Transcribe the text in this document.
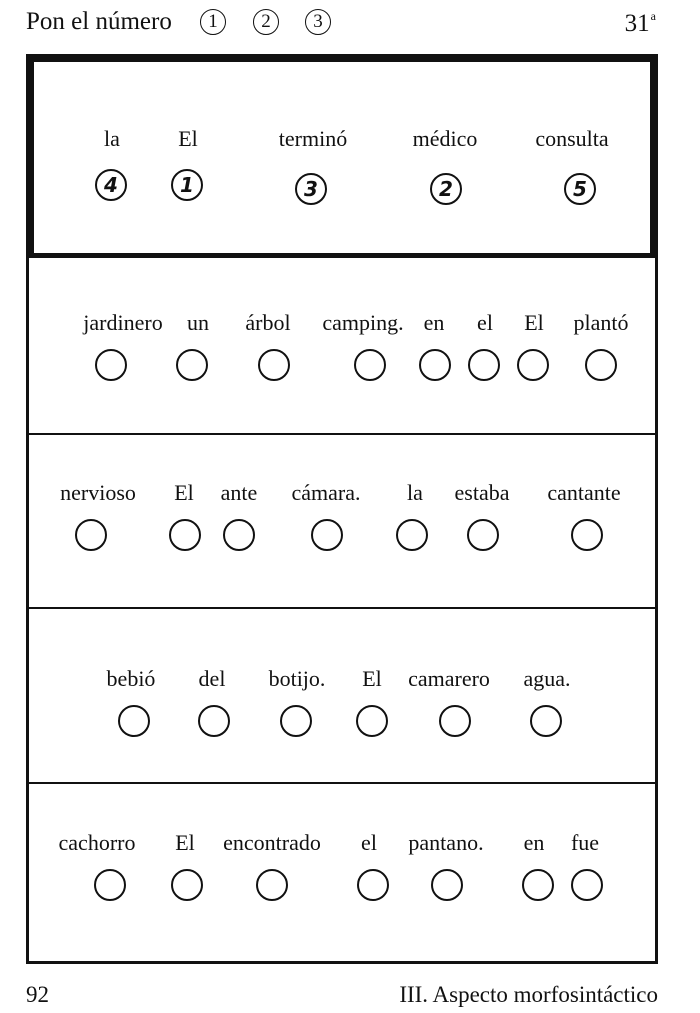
Pon el número	1	2	3	31$^a$
la	El	terminó	médico	consulta
4	1	3	2	5
jardinero un árbol camping. en el El plantó
nervioso El ante cámara. la estaba cantante
bebió del botijo. El camarero agua.
cachorro El encontrado el pantano. en fue
92	III. Aspecto morfosintáctico
